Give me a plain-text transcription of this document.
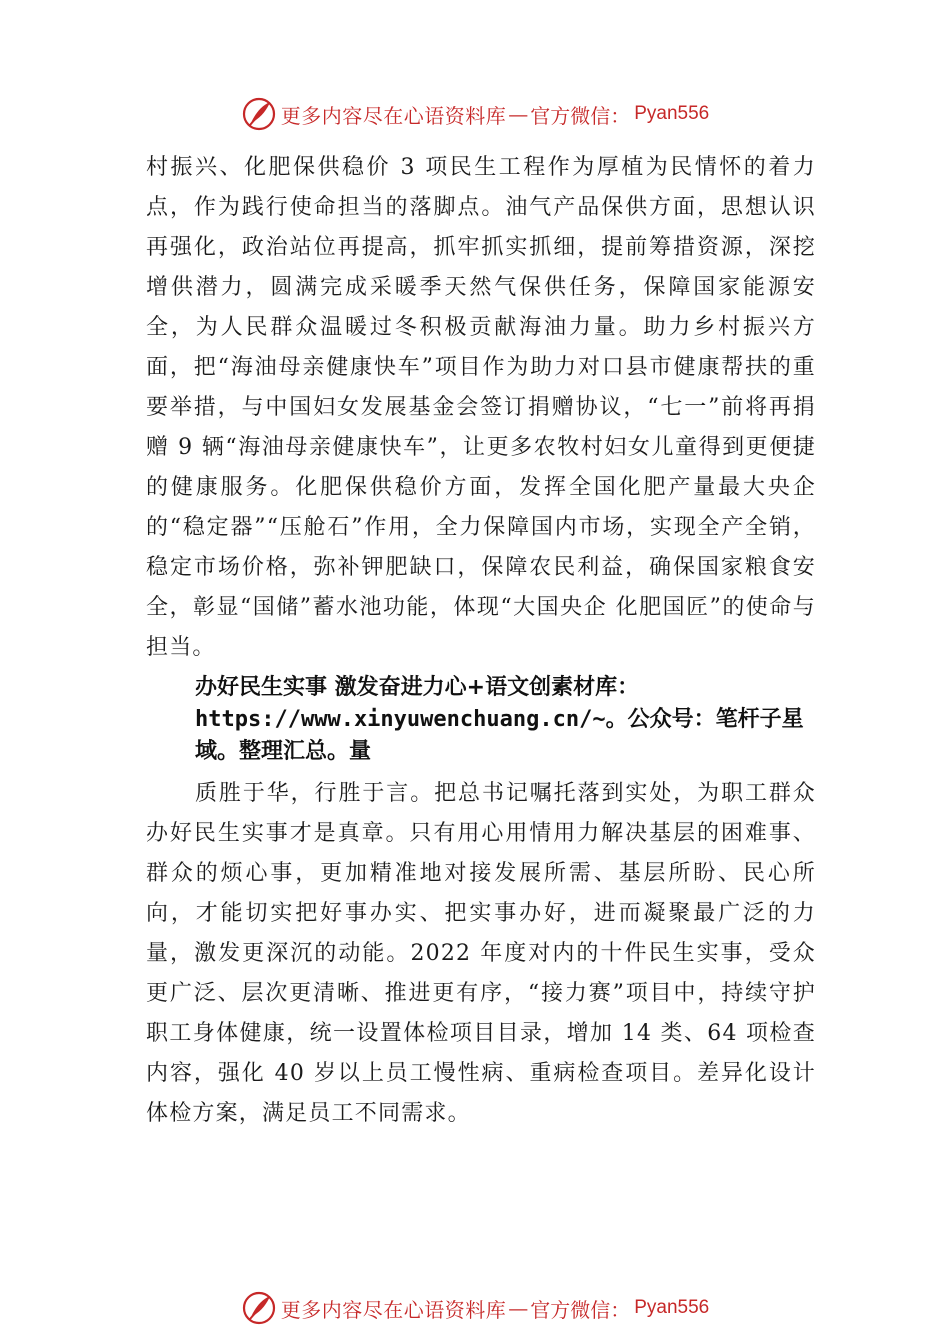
更多内容尽在心语资料库 — 官方微信： Pyan556

村振兴、化肥保供稳价 3 项民生工程作为厚植为民情怀的着力点，作为践行使命担当的落脚点。油气产品保供方面，思想认识再强化，政治站位再提高，抓牢抓实抓细，提前筹措资源，深挖增供潜力，圆满完成采暖季天然气保供任务，保障国家能源安全，为人民群众温暖过冬积极贡献海油力量。助力乡村振兴方面，把“海油母亲健康快车”项目作为助力对口县市健康帮扶的重要举措，与中国妇女发展基金会签订捐赠协议，“七一”前将再捐赠 9 辆“海油母亲健康快车”，让更多农牧村妇女儿童得到更便捷的健康服务。化肥保供稳价方面，发挥全国化肥产量最大央企的“稳定器”“压舱石”作用，全力保障国内市场，实现全产全销，稳定市场价格，弥补钾肥缺口，保障农民利益，确保国家粮食安全，彰显“国储”蓄水池功能，体现“大国央企 化肥国匠”的使命与担当。

办好民生实事 激发奋进力心+语文创素材库：
https://www.xinyuwenchuang.cn/~。公众号：笔杆子星域。整理汇总。量

质胜于华，行胜于言。把总书记嘱托落到实处，为职工群众办好民生实事才是真章。只有用心用情用力解决基层的困难事、群众的烦心事，更加精准地对接发展所需、基层所盼、民心所向，才能切实把好事办实、把实事办好，进而凝聚最广泛的力量，激发更深沉的动能。2022 年度对内的十件民生实事，受众更广泛、层次更清晰、推进更有序，“接力赛”项目中，持续守护职工身体健康，统一设置体检项目目录，增加 14 类、64 项检查内容，强化 40 岁以上员工慢性病、重病检查项目。差异化设计体检方案，满足员工不同需求。

更多内容尽在心语资料库 — 官方微信： Pyan556
